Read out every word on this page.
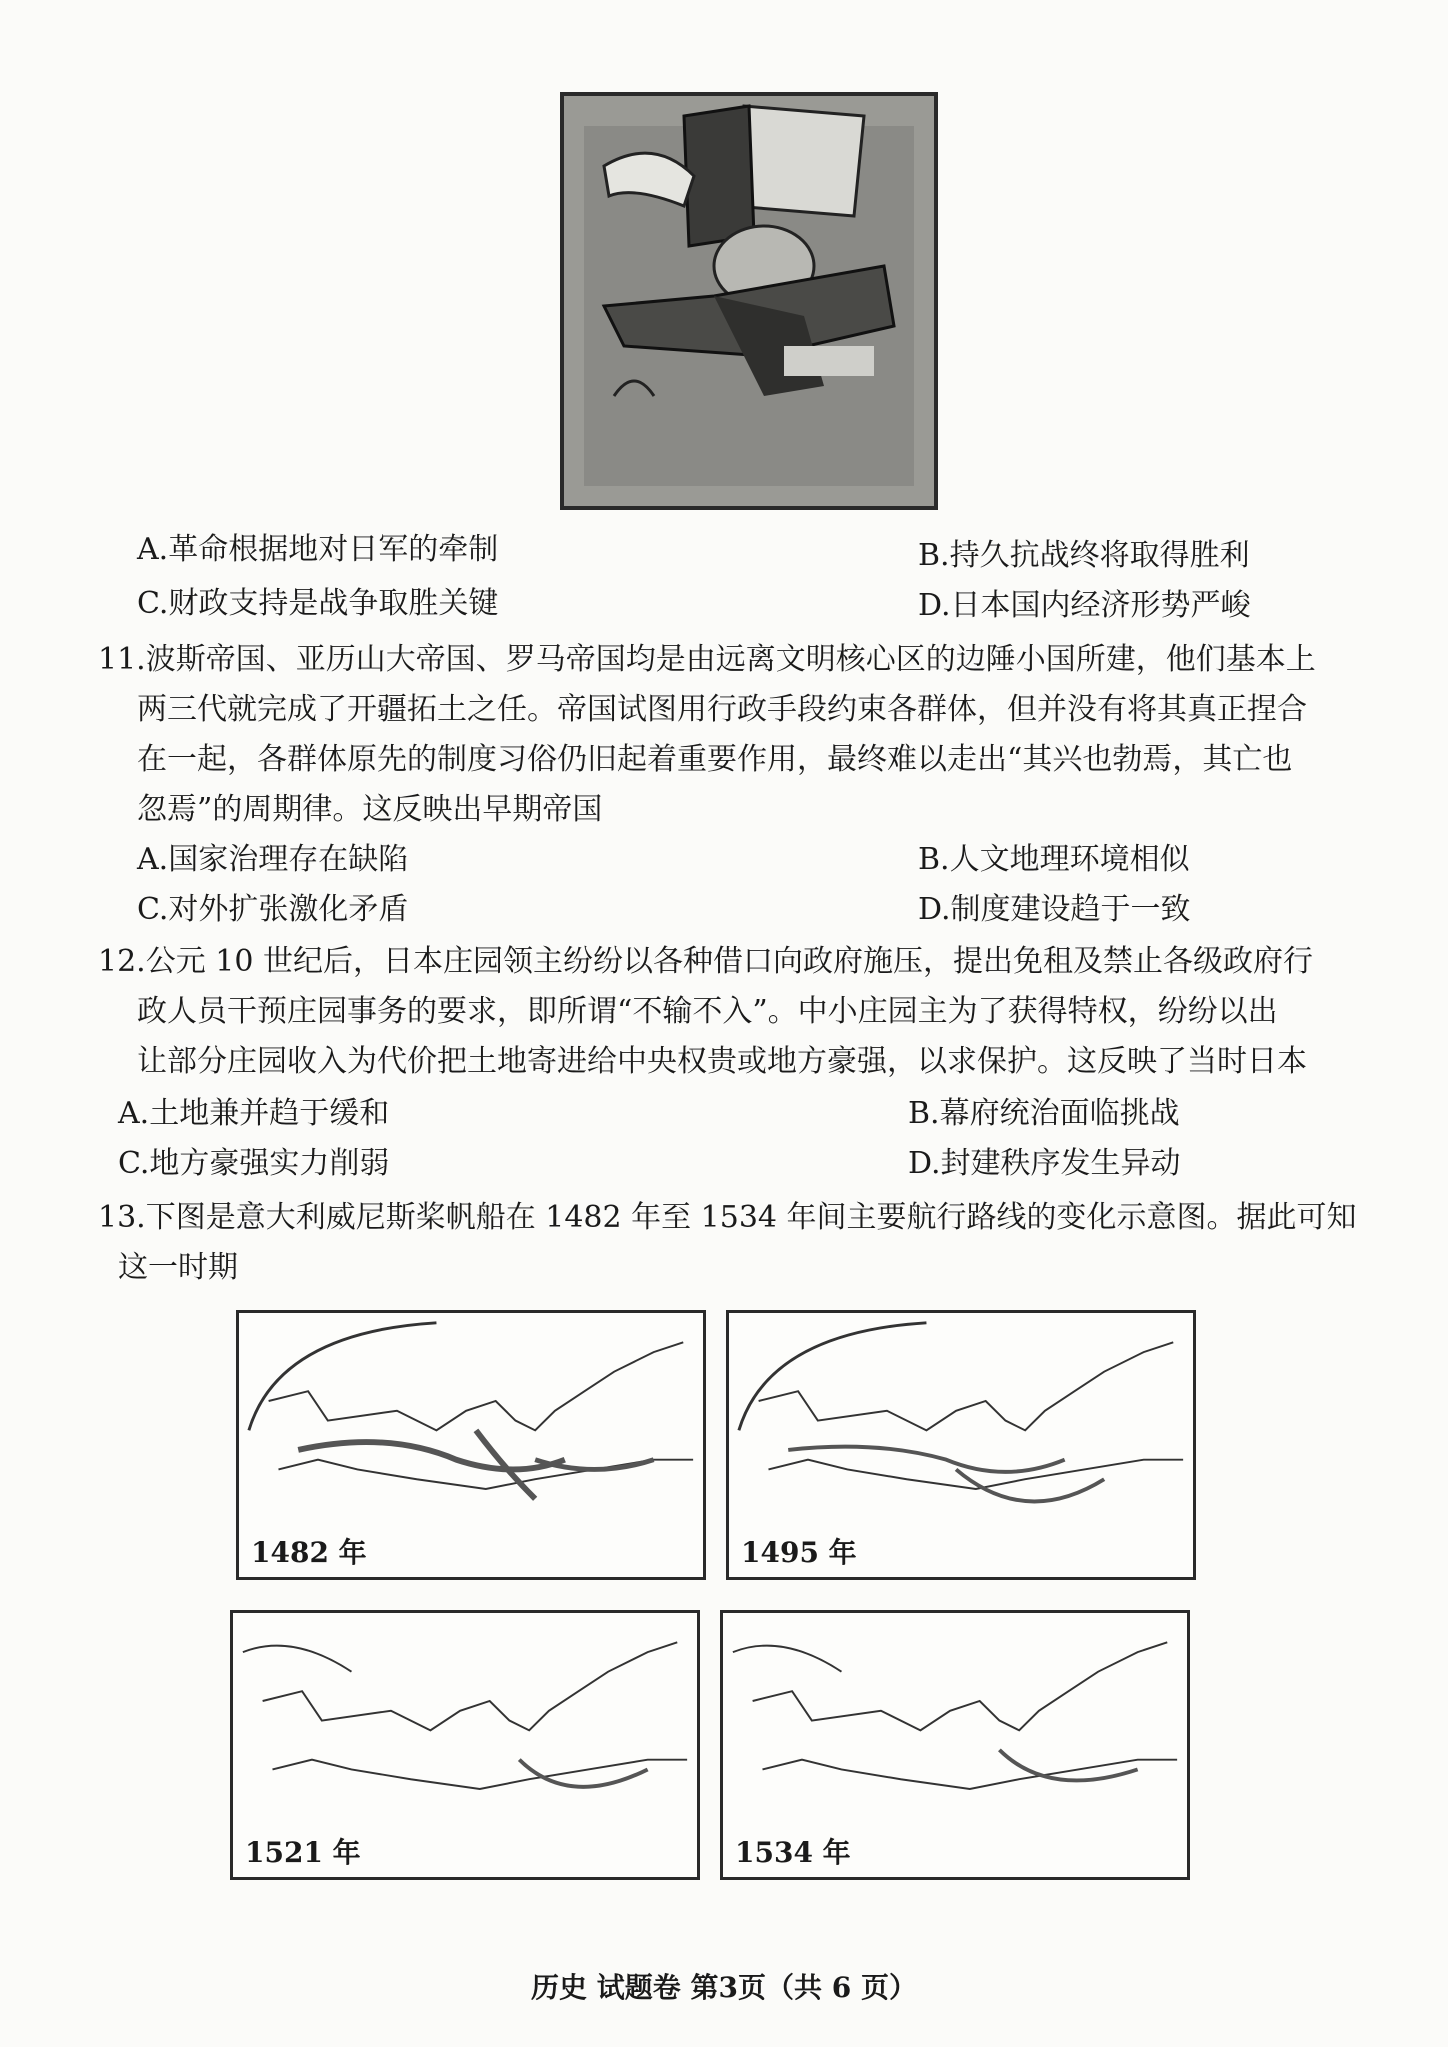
A.革命根据地对日军的牵制	B.持久抗战终将取得胜利
C.财政支持是战争取胜关键	D.日本国内经济形势严峻
11.波斯帝国、亚历山大帝国、罗马帝国均是由远离文明核心区的边陲小国所建，他们基本上
两三代就完成了开疆拓土之任。帝国试图用行政手段约束各群体，但并没有将其真正捏合
在一起，各群体原先的制度习俗仍旧起着重要作用，最终难以走出“其兴也勃焉，其亡也
忽焉”的周期律。这反映出早期帝国
A.国家治理存在缺陷	B.人文地理环境相似
C.对外扩张激化矛盾	D.制度建设趋于一致
12.公元 10 世纪后，日本庄园领主纷纷以各种借口向政府施压，提出免租及禁止各级政府行
政人员干预庄园事务的要求，即所谓“不输不入”。中小庄园主为了获得特权，纷纷以出
让部分庄园收入为代价把土地寄进给中央权贵或地方豪强，以求保护。这反映了当时日本
A.土地兼并趋于缓和	B.幕府统治面临挑战
C.地方豪强实力削弱	D.封建秩序发生异动
13.下图是意大利威尼斯桨帆船在 1482 年至 1534 年间主要航行路线的变化示意图。据此可知
这一时期
1482 年	1495 年
1521 年	1534 年
历史 试题卷 第3页（共 6 页）
